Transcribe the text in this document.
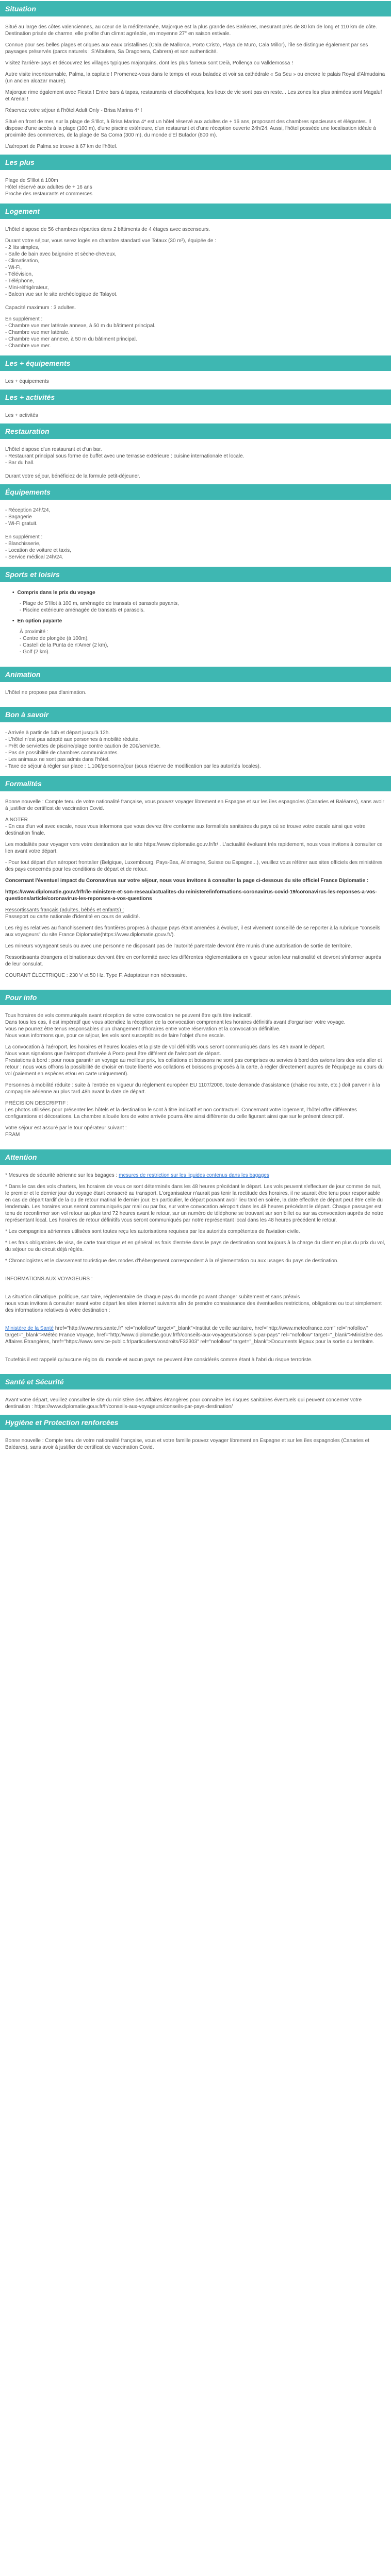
Situation

Situé au large des côtes valenciennes, au cœur de la méditerranée, Majorque est la plus grande des Baléares, mesurant près de 80 km de long et 110 km de côte. Destination prisée de charme, elle profite d'un climat agréable, en moyenne 27° en saison estivale.

Connue pour ses belles plages et criques aux eaux cristallines (Cala de Mallorca, Porto Cristo, Playa de Muro, Cala Millor), l'île se distingue également par ses paysages préservés (parcs naturels : S'Albufera, Sa Dragonera, Cabrera) et son authenticité.

Visitez l'arrière-pays et découvrez les villages typiques majorquins, dont les plus fameux sont Deià, Pollença ou Valldemossa !

Autre visite incontournable, Palma, la capitale ! Promenez-vous dans le temps et vous baladez et voir sa cathédrale « Sa Seu » ou encore le palais Royal d'Almudaina (un ancien alcazar maure).

Majorque rime également avec Fiesta ! Entre bars à tapas, restaurants et discothèques, les lieux de vie sont pas en reste... Les zones les plus animées sont Magaluf et Arenal !

Réservez votre séjour à l'hôtel Adult Only - Brisa Marina 4* !

Situé en front de mer, sur la plage de S'Illot, à Brisa Marina 4* est un hôtel réservé aux adultes de + 16 ans, proposant des chambres spacieuses et élégantes. Il dispose d'une accès à la plage (100 m), d'une piscine extérieure, d'un restaurant et d'une réception ouverte 24h/24. Aussi, l'hôtel possède une localisation idéale à proximité des commerces, de la plage de Sa Coma (300 m), du monde d'El Bufador (800 m).

L'aéroport de Palma se trouve à 67 km de l'hôtel.

Les plus
Plage de S'Illot à 100m
Hôtel réservé aux adultes de + 16 ans
Proche des restaurants et commerces
Logement

L'hôtel dispose de 56 chambres réparties dans 2 bâtiments de 4 étages avec ascenseurs.

Durant votre séjour, vous serez logés en chambre standard vue Totaux (30 m²), équipée de :
- 2 lits simples,
- Salle de bain avec baignoire et sèche-cheveux,
- Climatisation,
- Wi-Fi,
- Télévision,
- Téléphone,
- Mini-réfrigérateur,
- Balcon vue sur le site archéologique de Talayot.

Capacité maximum : 3 adultes.

En supplément :
- Chambre vue mer latérale annexe, à 50 m du bâtiment principal.
- Chambre vue mer latérale.
- Chambre vue mer annexe, à 50 m du bâtiment principal.
- Chambre vue mer.
Les + équipements

Les + équipements

Les + activités

Les + activités

Restauration
L'hôtel dispose d'un restaurant et d'un bar.
- Restaurant principal sous forme de buffet avec une terrasse extérieure : cuisine internationale et locale.
- Bar du hall.

Durant votre séjour, bénéficiez de la formule petit-déjeuner.

Équipements
- Réception 24h/24,
- Bagagerie
- Wi-Fi gratuit.
En supplément :
- Blanchisserie,
- Location de voiture et taxis,
- Service médical 24h/24.
Sports et loisirs
• Compris dans le prix du voyage
- Plage de S'Illot à 100 m, aménagée de transats et parasols payants,
- Piscine extérieure aménagée de transats et parasols.
• En option payante
À proximité :
- Centre de plongée (à 100m),
- Castell de la Punta de n'Amer (2 km),
- Golf (2 km).
Animation

L'hôtel ne propose pas d'animation.

Bon à savoir
- Arrivée à partir de 14h et départ jusqu'à 12h.
- L'hôtel n'est pas adapté aux personnes à mobilité réduite.
- Prêt de serviettes de piscine/plage contre caution de 20€/serviette.
- Pas de possibilité de chambres communicantes.
- Les animaux ne sont pas admis dans l'hôtel.
- Taxe de séjour à régler sur place : 1,10€/personne/jour (sous réserve de modification par les autorités locales).
Formalités

Bonne nouvelle : Compte tenu de votre nationalité française, vous pouvez voyager librement en Espagne et sur les îles espagnoles (Canaries et Baléares), sans avoir à justifier de certificat de vaccination Covid.

A NOTER

- En cas d'un vol avec escale, nous vous informons que vous devrez être conforme aux formalités sanitaires du pays où se trouve votre escale ainsi que votre destination finale.

Les modalités pour voyager vers votre destination sur le site https://www.diplomatie.gouv.fr/fr/ . L'actualité évoluant très rapidement, nous vous invitons à consulter ce lien avant votre départ.

- Pour tout départ d'un aéroport frontalier (Belgique, Luxembourg, Pays-Bas, Allemagne, Suisse ou Espagne...), veuillez vous référer aux sites officiels des ministères des pays concernés pour les conditions de départ et de retour.

Concernant l'éventuel impact du Coronavirus sur votre séjour, nous vous invitons à consulter la page ci-dessous du site officiel France Diplomatie :

https://www.diplomatie.gouv.fr/fr/le-ministere-et-son-reseau/actualites-du-ministere/informations-coronavirus-covid-19/coronavirus-les-reponses-a-vos-questions/article/coronavirus-les-reponses-a-vos-questions

Ressortissants français (adultes, bébés et enfants) :

Passeport ou carte nationale d'identité en cours de validité.

Les règles relatives au franchissement des frontières propres à chaque pays étant amenées à évoluer, il est vivement conseillé de se reporter à la rubrique "conseils aux voyageurs" du site France Diplomatie(https://www.diplomatie.gouv.fr/).

Les mineurs voyageant seuls ou avec une personne ne disposant pas de l'autorité parentale devront être munis d'une autorisation de sortie de territoire.

Ressortissants étrangers et binationaux devront être en conformité avec les différentes réglementations en vigueur selon leur nationalité et devront s'informer auprès de leur consulat.

COURANT ÉLECTRIQUE : 230 V et 50 Hz. Type F. Adaptateur non nécessaire.

Pour info
Tous horaires de vols communiqués avant réception de votre convocation ne peuvent être qu'à titre indicatif.
Dans tous les cas, il est impératif que vous attendiez la réception de la convocation comprenant les horaires définitifs avant d'organiser votre voyage.
Vous ne pourrez être tenus responsables d'un changement d'horaires entre votre réservation et la convocation définitive.

Nous vous informons que, pour ce séjour, les vols sont susceptibles de faire l'objet d'une escale.

La convocation à l'aéroport, les horaires et heures locales et la piste de vol définitifs vous seront communiqués dans les 48h avant le départ.
Nous vous signalons que l'aéroport d'arrivée à Porto peut être différent de l'aéroport de départ.

Prestations à bord : pour nous garantir un voyage au meilleur prix, les collations et boissons ne sont pas comprises ou servies à bord des avions lors des vols aller et retour : nous vous offrons la possibilité de choisir en toute liberté vos collations et boissons proposés à la carte, à régler directement auprès de l'équipage au cours du vol (paiement en espèces et/ou en carte uniquement).

Personnes à mobilité réduite : suite à l'entrée en vigueur du règlement européen EU 1107/2006, toute demande d'assistance (chaise roulante, etc.) doit parvenir à la compagnie aérienne au plus tard 48h avant la date de départ.

PRÉCISION DESCRIPTIF :

Les photos utilisées pour présenter les hôtels et la destination le sont à titre indicatif et non contractuel. Concernant votre logement, l'hôtel offre différentes configurations et décorations. La chambre allouée lors de votre arrivée pourra être ainsi différente du celle figurant ainsi que sur le présent descriptif.

Votre séjour est assuré par le tour opérateur suivant :
FRAM
Attention

* Mesures de sécurité aérienne sur les bagages : mesures de restriction sur les liquides contenus dans les bagages

* Dans le cas des vols charters, les horaires de vous ce sont déterminés dans les 48 heures précédant le départ. Les vols peuvent s'effectuer de jour comme de nuit, le premier et le dernier jour du voyage étant consacré au transport. L'organisateur n'aurait pas tenir la rectitude des horaires, il ne saurait être tenu pour responsable en cas de départ tardif de la ou de retour matinal le dernier jour. En particulier, le départ pouvant avoir lieu tard en soirée, la date effective de départ peut être celle du lendemain. Les horaires vous seront communiqués par mail ou par fax, sur votre convocation aéroport dans les 48 heures précédant le départ. Chaque passager est tenu de reconfirmer son vol retour au plus tard 72 heures avant le retour, sur un numéro de téléphone se trouvant sur son billet ou sur sa convocation auprès de notre représentant local. Les horaires de retour définitifs vous seront communiqués par notre représentant local dans les 48 heures précédent le retour.

* Les compagnies aériennes utilisées sont toutes reçu les autorisations requises par les autorités compétentes de l'aviation civile.

* Les frais obligatoires de visa, de carte touristique et en général les frais d'entrée dans le pays de destination sont toujours à la charge du client en plus du prix du vol, du séjour ou du circuit déjà réglés.

* Chronologistes et le classement touristique des modes d'hébergement correspondent à la réglementation ou aux usages du pays de destination.

INFORMATIONS AUX VOYAGEURS :

La situation climatique, politique, sanitaire, réglementaire de chaque pays du monde pouvant changer subitement et sans préavis

nous vous invitons à consulter avant votre départ les sites internet suivants afin de prendre connaissance des éventuelles restrictions, obligations ou tout simplement des informations relatives à votre destination :

Ministère de la Santé href="http://www.mrs.sante.fr" rel="nofollow" target="_blank">Institut de veille sanitaire, href="http://www.meteofrance.com" rel="nofollow" target="_blank">Météo France Voyage, href="http://www.diplomatie.gouv.fr/fr/conseils-aux-voyageurs/conseils-par-pays" rel="nofollow" target="_blank">Ministère des Affaires Étrangères, href="https://www.service-public.fr/particuliers/vosdroits/F32303" rel="nofollow" target="_blank">Documents légaux pour la sortie du territoire.

Toutefois il est rappelé qu'aucune région du monde et aucun pays ne peuvent être considérés comme étant à l'abri du risque terroriste.

Santé et Sécurité

Avant votre départ, veuillez consulter le site du ministère des Affaires étrangères pour connaître les risques sanitaires éventuels qui peuvent concerner votre destination : https://www.diplomatie.gouv.fr/fr/conseils-aux-voyageurs/conseils-par-pays-destination/

Hygiène et Protection renforcées

Bonne nouvelle : Compte tenu de votre nationalité française, vous et votre famille pouvez voyager librement en Espagne et sur les îles espagnoles (Canaries et Baléares), sans avoir à justifier de certificat de vaccination Covid.
